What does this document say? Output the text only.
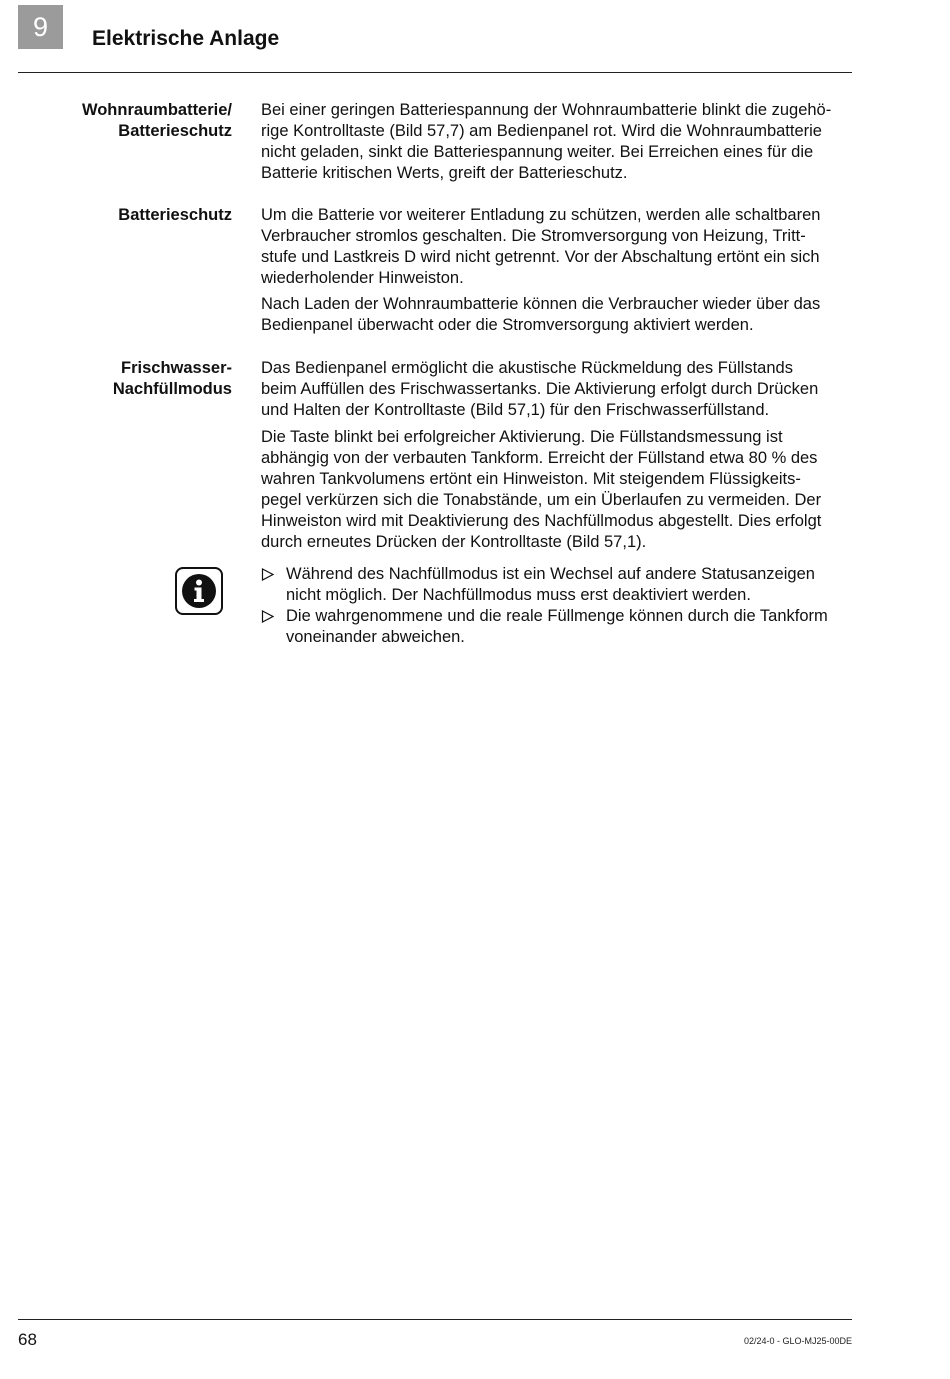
9 Elektrische Anlage
Wohnraumbatterie/
Batterieschutz
Bei einer geringen Batteriespannung der Wohnraumbatterie blinkt die zugehö-
rige Kontrolltaste (Bild 57,7) am Bedienpanel rot. Wird die Wohnraumbatterie
nicht geladen, sinkt die Batteriespannung weiter. Bei Erreichen eines für die
Batterie kritischen Werts, greift der Batterieschutz.
Batterieschutz Um die Batterie vor weiterer Entladung zu schützen, werden alle schaltbaren
Verbraucher stromlos geschalten. Die Stromversorgung von Heizung, Tritt-
stufe und Lastkreis D wird nicht getrennt. Vor der Abschaltung ertönt ein sich
wiederholender Hinweiston.
Nach Laden der Wohnraumbatterie können die Verbraucher wieder über das
Bedienpanel überwacht oder die Stromversorgung aktiviert werden.
Frischwasser-
Nachfüllmodus
Das Bedienpanel ermöglicht die akustische Rückmeldung des Füllstands
beim Auffüllen des Frischwassertanks. Die Aktivierung erfolgt durch Drücken
und Halten der Kontrolltaste (Bild 57,1) für den Frischwasserfüllstand.
Die Taste blinkt bei erfolgreicher Aktivierung. Die Füllstandsmessung ist
abhängig von der verbauten Tankform. Erreicht der Füllstand etwa 80 % des
wahren Tankvolumens ertönt ein Hinweiston. Mit steigendem Flüssigkeits-
pegel verkürzen sich die Tonabstände, um ein Überlaufen zu vermeiden. Der
Hinweiston wird mit Deaktivierung des Nachfüllmodus abgestellt. Dies erfolgt
durch erneutes Drücken der Kontrolltaste (Bild 57,1).
Während des Nachfüllmodus ist ein Wechsel auf andere Statusanzeigen
nicht möglich. Der Nachfüllmodus muss erst deaktiviert werden.
Die wahrgenommene und die reale Füllmenge können durch die Tankform
voneinander abweichen.
68	02/24-0 - GLO-MJ25-00DE
